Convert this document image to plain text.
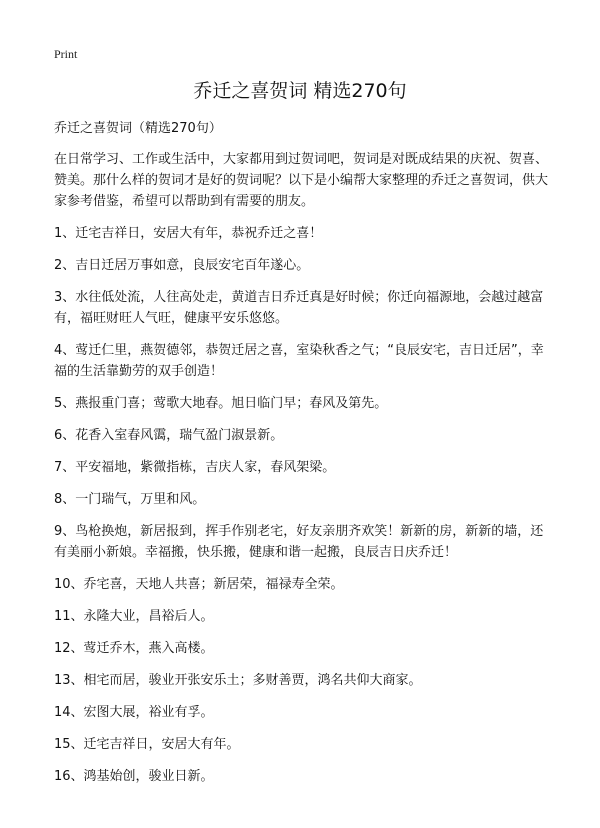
Print
乔迁之喜贺词 精选270句

乔迁之喜贺词（精选270句）

在日常学习、工作或生活中，大家都用到过贺词吧，贺词是对既成结果的庆祝、贺喜、赞美。那什么样的贺词才是好的贺词呢？以下是小编帮大家整理的乔迁之喜贺词，供大家参考借鉴，希望可以帮助到有需要的朋友。

1、迁宅吉祥日，安居大有年，恭祝乔迁之喜！

2、吉日迁居万事如意，良辰安宅百年遂心。

3、水往低处流，人往高处走，黄道吉日乔迁真是好时候；你迁向福源地，会越过越富有，福旺财旺人气旺，健康平安乐悠悠。

4、莺迁仁里，燕贺德邻，恭贺迁居之喜，室染秋香之气；“良辰安宅，吉日迁居”，幸福的生活靠勤劳的双手创造！

5、燕报重门喜；莺歌大地春。旭日临门早；春风及第先。

6、花香入室春风霭，瑞气盈门淑景新。

7、平安福地，紫微指栋，吉庆人家，春风架梁。

8、一门瑞气，万里和风。

9、鸟枪换炮，新居报到，挥手作别老宅，好友亲朋齐欢笑！新新的房，新新的墙，还有美丽小新娘。幸福搬，快乐搬，健康和谐一起搬，良辰吉日庆乔迁！

10、乔宅喜，天地人共喜；新居荣，福禄寿全荣。

11、永隆大业，昌裕后人。

12、莺迁乔木，燕入高楼。

13、相宅而居，骏业开张安乐土；多财善贾，鸿名共仰大商家。

14、宏图大展，裕业有孚。

15、迁宅吉祥日，安居大有年。

16、鸿基始创，骏业日新。
